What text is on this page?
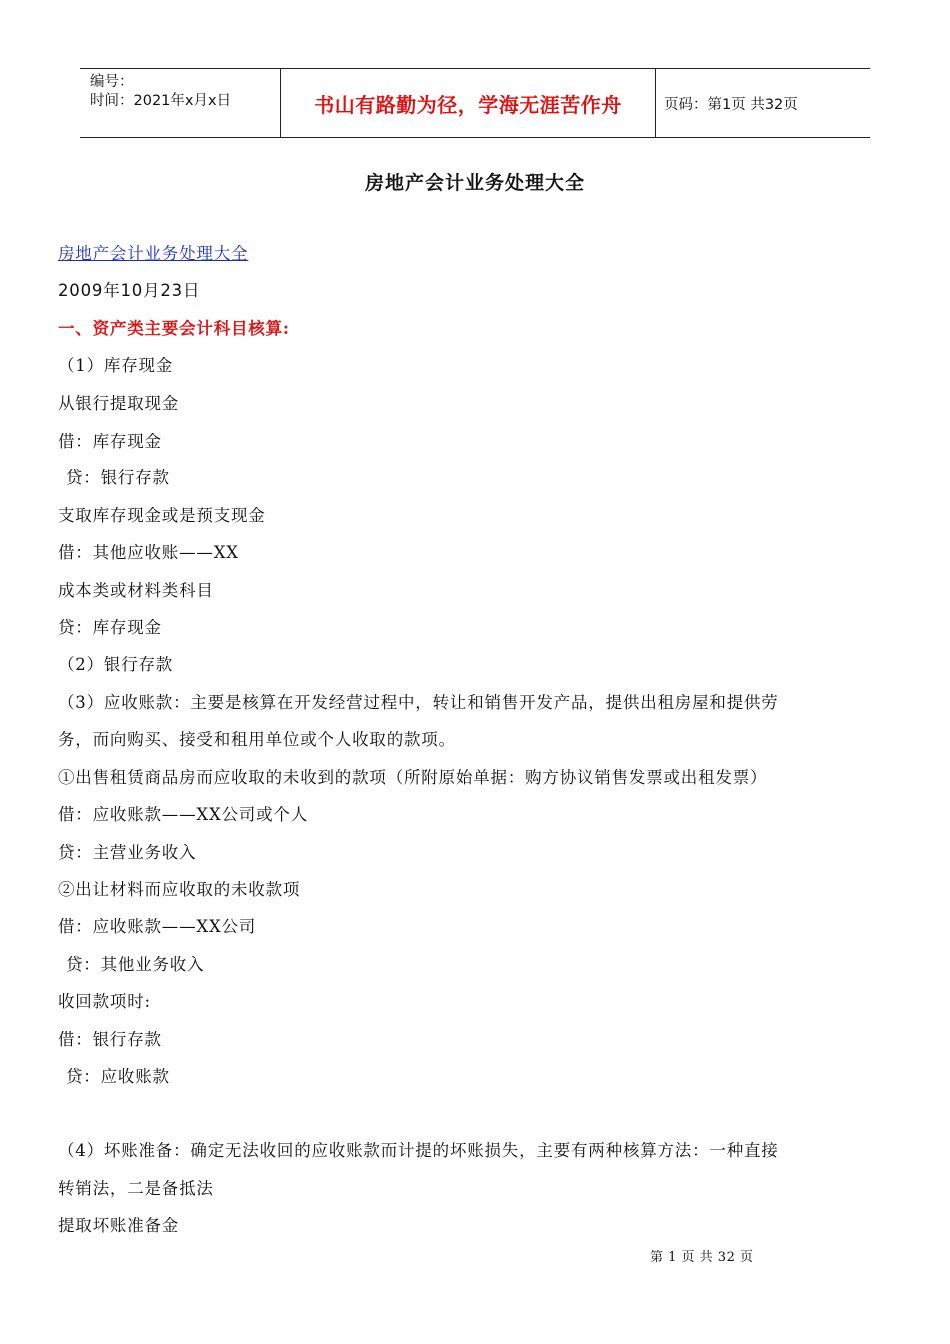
编号：
时间：2021年x月x日	书山有路勤为径，学海无涯苦作舟	页码：第1页 共32页
房地产会计业务处理大全
房地产会计业务处理大全
2009年10月23日
一、资产类主要会计科目核算:
（1）库存现金
从银行提取现金
借：库存现金
贷：银行存款
支取库存现金或是预支现金
借：其他应收账——XX
成本类或材料类科目
贷：库存现金
（2）银行存款
（3）应收账款：主要是核算在开发经营过程中，转让和销售开发产品，提供出租房屋和提供劳
务，而向购买、接受和租用单位或个人收取的款项。
①出售租赁商品房而应收取的未收到的款项（所附原始单据：购方协议销售发票或出租发票）
借：应收账款——XX公司或个人
贷：主营业务收入
②出让材料而应收取的未收款项
借：应收账款——XX公司
贷：其他业务收入
收回款项时:
借：银行存款
贷：应收账款
（4）坏账准备：确定无法收回的应收账款而计提的坏账损失，主要有两种核算方法：一种直接
转销法，二是备抵法
提取坏账准备金
第 1 页 共 32 页
